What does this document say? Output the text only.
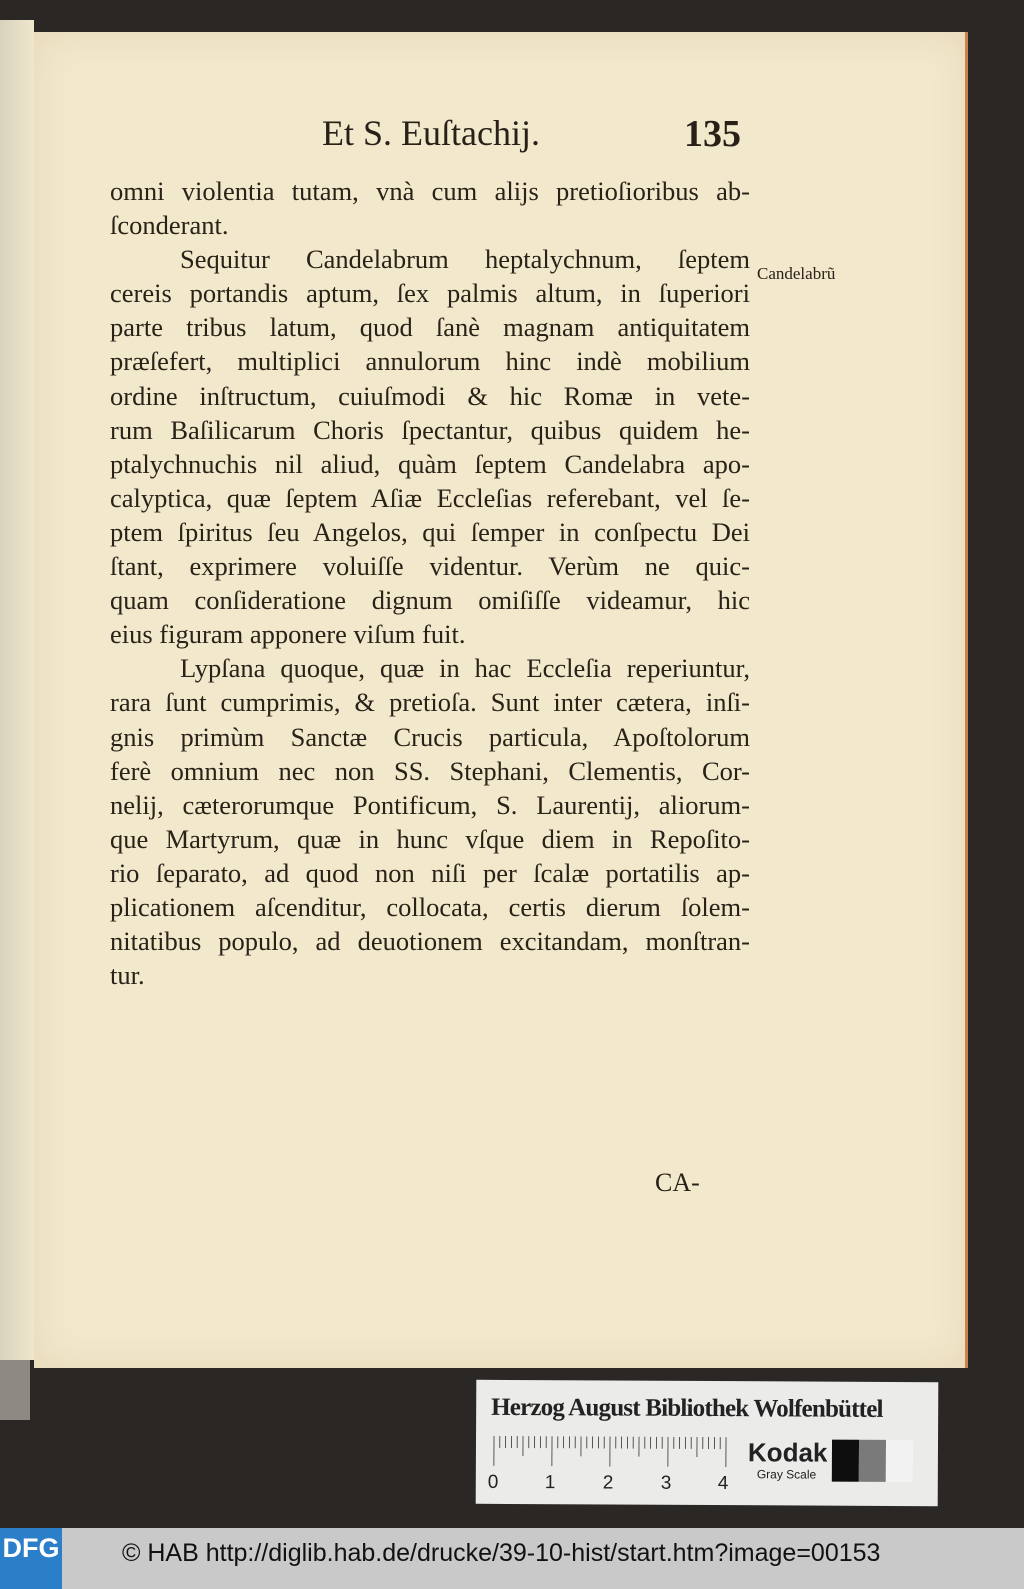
Et S. Euſtachij.	135
Candelabrũ
omni violentia tutam, vnà cum alijs pretioſioribus ab-
ſconderant.
Sequitur Candelabrum heptalychnum, ſeptem
cereis portandis aptum, ſex palmis altum, in ſuperiori
parte tribus latum, quod ſanè magnam antiquitatem
præſefert, multiplici annulorum hinc indè mobilium
ordine inſtructum, cuiuſmodi & hic Romæ in vete-
rum Baſilicarum Choris ſpectantur, quibus quidem he-
ptalychnuchis nil aliud, quàm ſeptem Candelabra apo-
calyptica, quæ ſeptem Aſiæ Eccleſias referebant, vel ſe-
ptem ſpiritus ſeu Angelos, qui ſemper in conſpectu Dei
ſtant, exprimere voluiſſe videntur. Verùm ne quic-
quam conſideratione dignum omiſiſſe videamur, hic
eius figuram apponere viſum fuit.
Lypſana quoque, quæ in hac Eccleſia reperiuntur,
rara ſunt cumprimis, & pretioſa. Sunt inter cætera, inſi-
gnis primùm Sanctæ Crucis particula, Apoſtolorum
ferè omnium nec non SS. Stephani, Clementis, Cor-
nelij, cæterorumque Pontificum, S. Laurentij, aliorum-
que Martyrum, quæ in hunc vſque diem in Repoſito-
rio ſeparato, ad quod non niſi per ſcalæ portatilis ap-
plicationem aſcenditur, collocata, certis dierum ſolem-
nitatibus populo, ad deuotionem excitandam, monſtran-
tur.
CA-
Herzog August Bibliothek Wolfenbüttel
0 1 2 3 4
Kodak
Gray Scale
DFG	© HAB http://diglib.hab.de/drucke/39-10-hist/start.htm?image=00153
